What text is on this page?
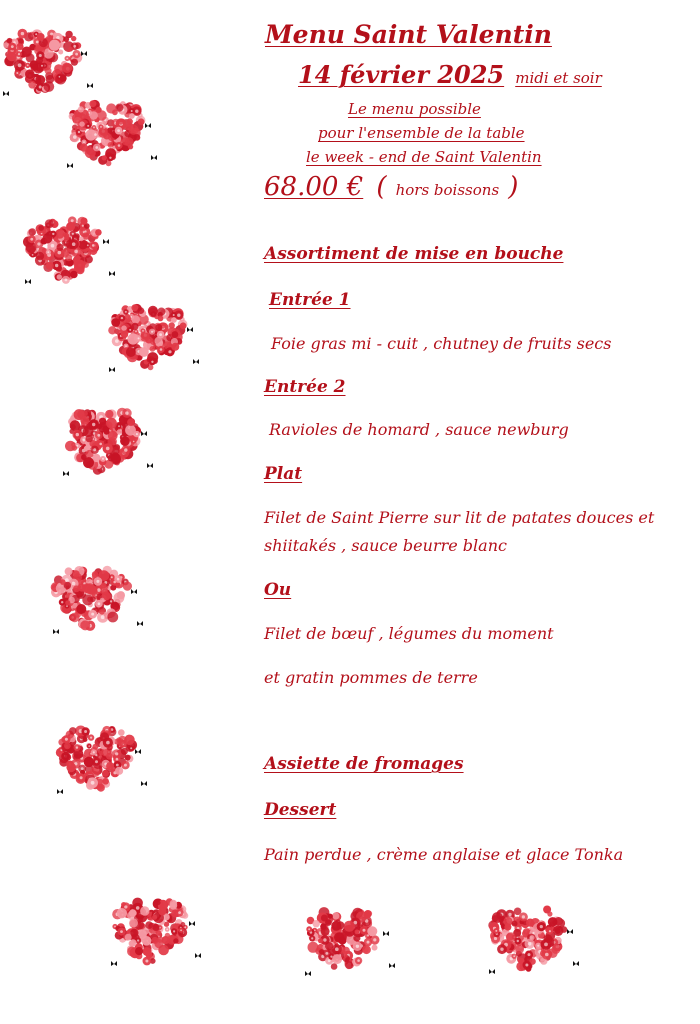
Menu Saint Valentin
14 février 2025 midi et soir
Le menu possible
pour l'ensemble de la table
le week - end de Saint Valentin
68.00 € ( hors boissons )
Assortiment de mise en bouche
Entrée 1
Foie gras mi - cuit , chutney de fruits secs
Entrée 2
Ravioles de homard , sauce newburg
Plat
Filet de Saint Pierre sur lit de patates douces et
shiitakés , sauce beurre blanc
Ou
Filet de bœuf , légumes du moment
et gratin pommes de terre
Assiette de fromages
Dessert
Pain perdue , crème anglaise et glace Tonka
